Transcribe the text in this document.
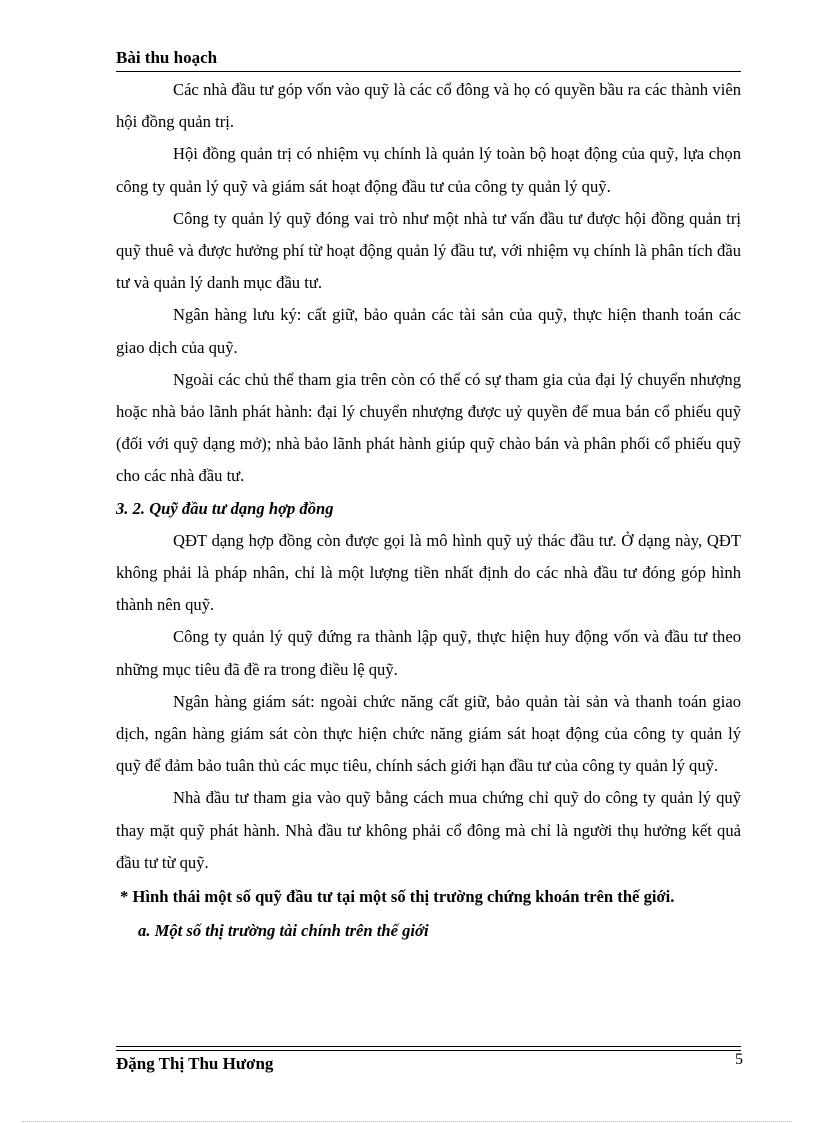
Bài thu hoạch

Các nhà đầu tư góp vốn vào quỹ là các cổ đông và họ có quyền bầu ra các thành viên hội đồng quản trị.

Hội đồng quản trị có nhiệm vụ chính là quản lý toàn bộ hoạt động của quỹ, lựa chọn công ty quản lý quỹ và giám sát hoạt động đầu tư của công ty quản lý quỹ.

Công ty quản lý quỹ đóng vai trò như một nhà tư vấn đầu tư được hội đồng quản trị quỹ thuê và được hưởng phí từ hoạt động quản lý đầu tư, với nhiệm vụ chính là phân tích đầu tư và quản lý danh mục đầu tư.

Ngân hàng lưu ký: cất giữ, bảo quản các tài sản của quỹ, thực hiện thanh toán các giao dịch của quỹ.

Ngoài các chủ thể tham gia trên còn có thể có sự tham gia của đại lý chuyển nhượng hoặc nhà bảo lãnh phát hành: đại lý chuyển nhượng được uỷ quyền để mua bán cổ phiếu quỹ (đối với quỹ dạng mở); nhà bảo lãnh phát hành giúp quỹ chào bán và phân phối cổ phiếu quỹ cho các nhà đầu tư.

3. 2. Quỹ đầu tư dạng hợp đồng

QĐT dạng hợp đồng còn được gọi là mô hình quỹ uỷ thác đầu tư. Ở dạng này, QĐT không phải là pháp nhân, chỉ là một lượng tiền nhất định do các nhà đầu tư đóng góp hình thành nên quỹ.

Công ty quản lý quỹ đứng ra thành lập quỹ, thực hiện huy động vốn và đầu tư theo những mục tiêu đã đề ra trong điều lệ quỹ.

Ngân hàng giám sát: ngoài chức năng cất giữ, bảo quản tài sản và thanh toán giao dịch, ngân hàng giám sát còn thực hiện chức năng giám sát hoạt động của công ty quản lý quỹ để đảm bảo tuân thủ các mục tiêu, chính sách giới hạn đầu tư của công ty quản lý quỹ.

Nhà đầu tư tham gia vào quỹ bằng cách mua chứng chỉ quỹ do công ty quản lý quỹ thay mặt quỹ phát hành. Nhà đầu tư không phải cổ đông mà chỉ là người thụ hưởng kết quả đầu tư từ quỹ.

* Hình thái một số quỹ đầu tư tại một số thị trường chứng khoán trên thế giới.

a. Một số thị trường tài chính trên thế giới

Đặng Thị Thu Hương	5
